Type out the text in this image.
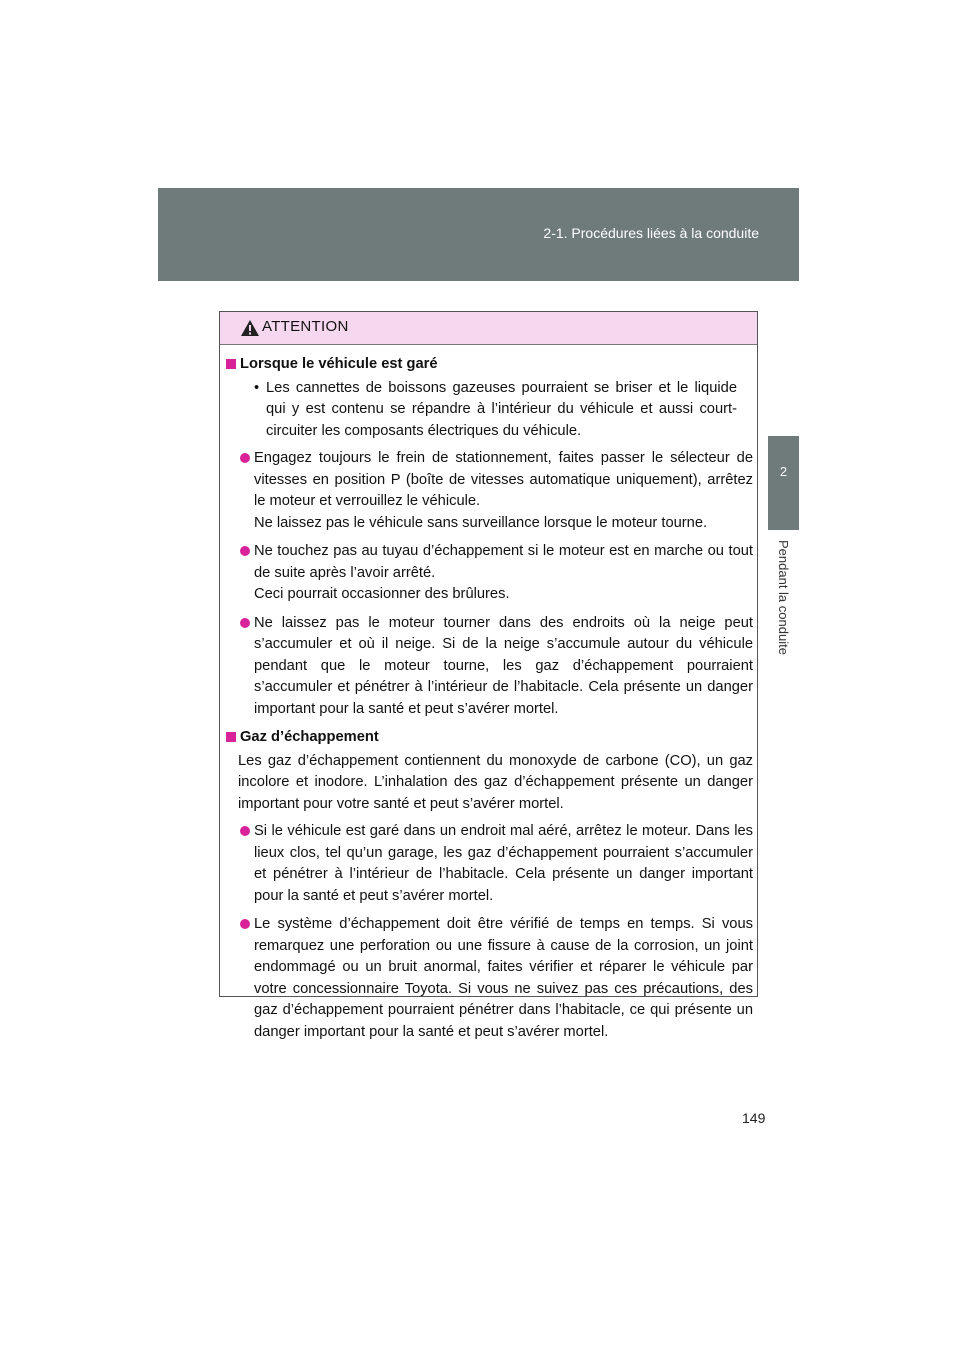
2-1. Procédures liées à la conduite
2
Pendant la conduite
ATTENTION
Lorsque le véhicule est garé
• Les cannettes de boissons gazeuses pourraient se briser et le liquide qui y est contenu se répandre à l’intérieur du véhicule et aussi court-circuiter les composants électriques du véhicule.
Engagez toujours le frein de stationnement, faites passer le sélecteur de vitesses en position P (boîte de vitesses automatique uniquement), arrêtez le moteur et verrouillez le véhicule.
Ne laissez pas le véhicule sans surveillance lorsque le moteur tourne.
Ne touchez pas au tuyau d’échappement si le moteur est en marche ou tout de suite après l’avoir arrêté.
Ceci pourrait occasionner des brûlures.
Ne laissez pas le moteur tourner dans des endroits où la neige peut s’accumuler et où il neige. Si de la neige s’accumule autour du véhicule pendant que le moteur tourne, les gaz d’échappement pourraient s’accumuler et pénétrer à l’intérieur de l’habitacle. Cela présente un danger important pour la santé et peut s’avérer mortel.
Gaz d’échappement
Les gaz d’échappement contiennent du monoxyde de carbone (CO), un gaz incolore et inodore. L’inhalation des gaz d’échappement présente un danger important pour votre santé et peut s’avérer mortel.
Si le véhicule est garé dans un endroit mal aéré, arrêtez le moteur. Dans les lieux clos, tel qu’un garage, les gaz d’échappement pourraient s’accumuler et pénétrer à l’intérieur de l’habitacle. Cela présente un danger important pour la santé et peut s’avérer mortel.
Le système d’échappement doit être vérifié de temps en temps. Si vous remarquez une perforation ou une fissure à cause de la corrosion, un joint endommagé ou un bruit anormal, faites vérifier et réparer le véhicule par votre concessionnaire Toyota. Si vous ne suivez pas ces précautions, des gaz d’échappement pourraient pénétrer dans l’habitacle, ce qui présente un danger important pour la santé et peut s’avérer mortel.
149
